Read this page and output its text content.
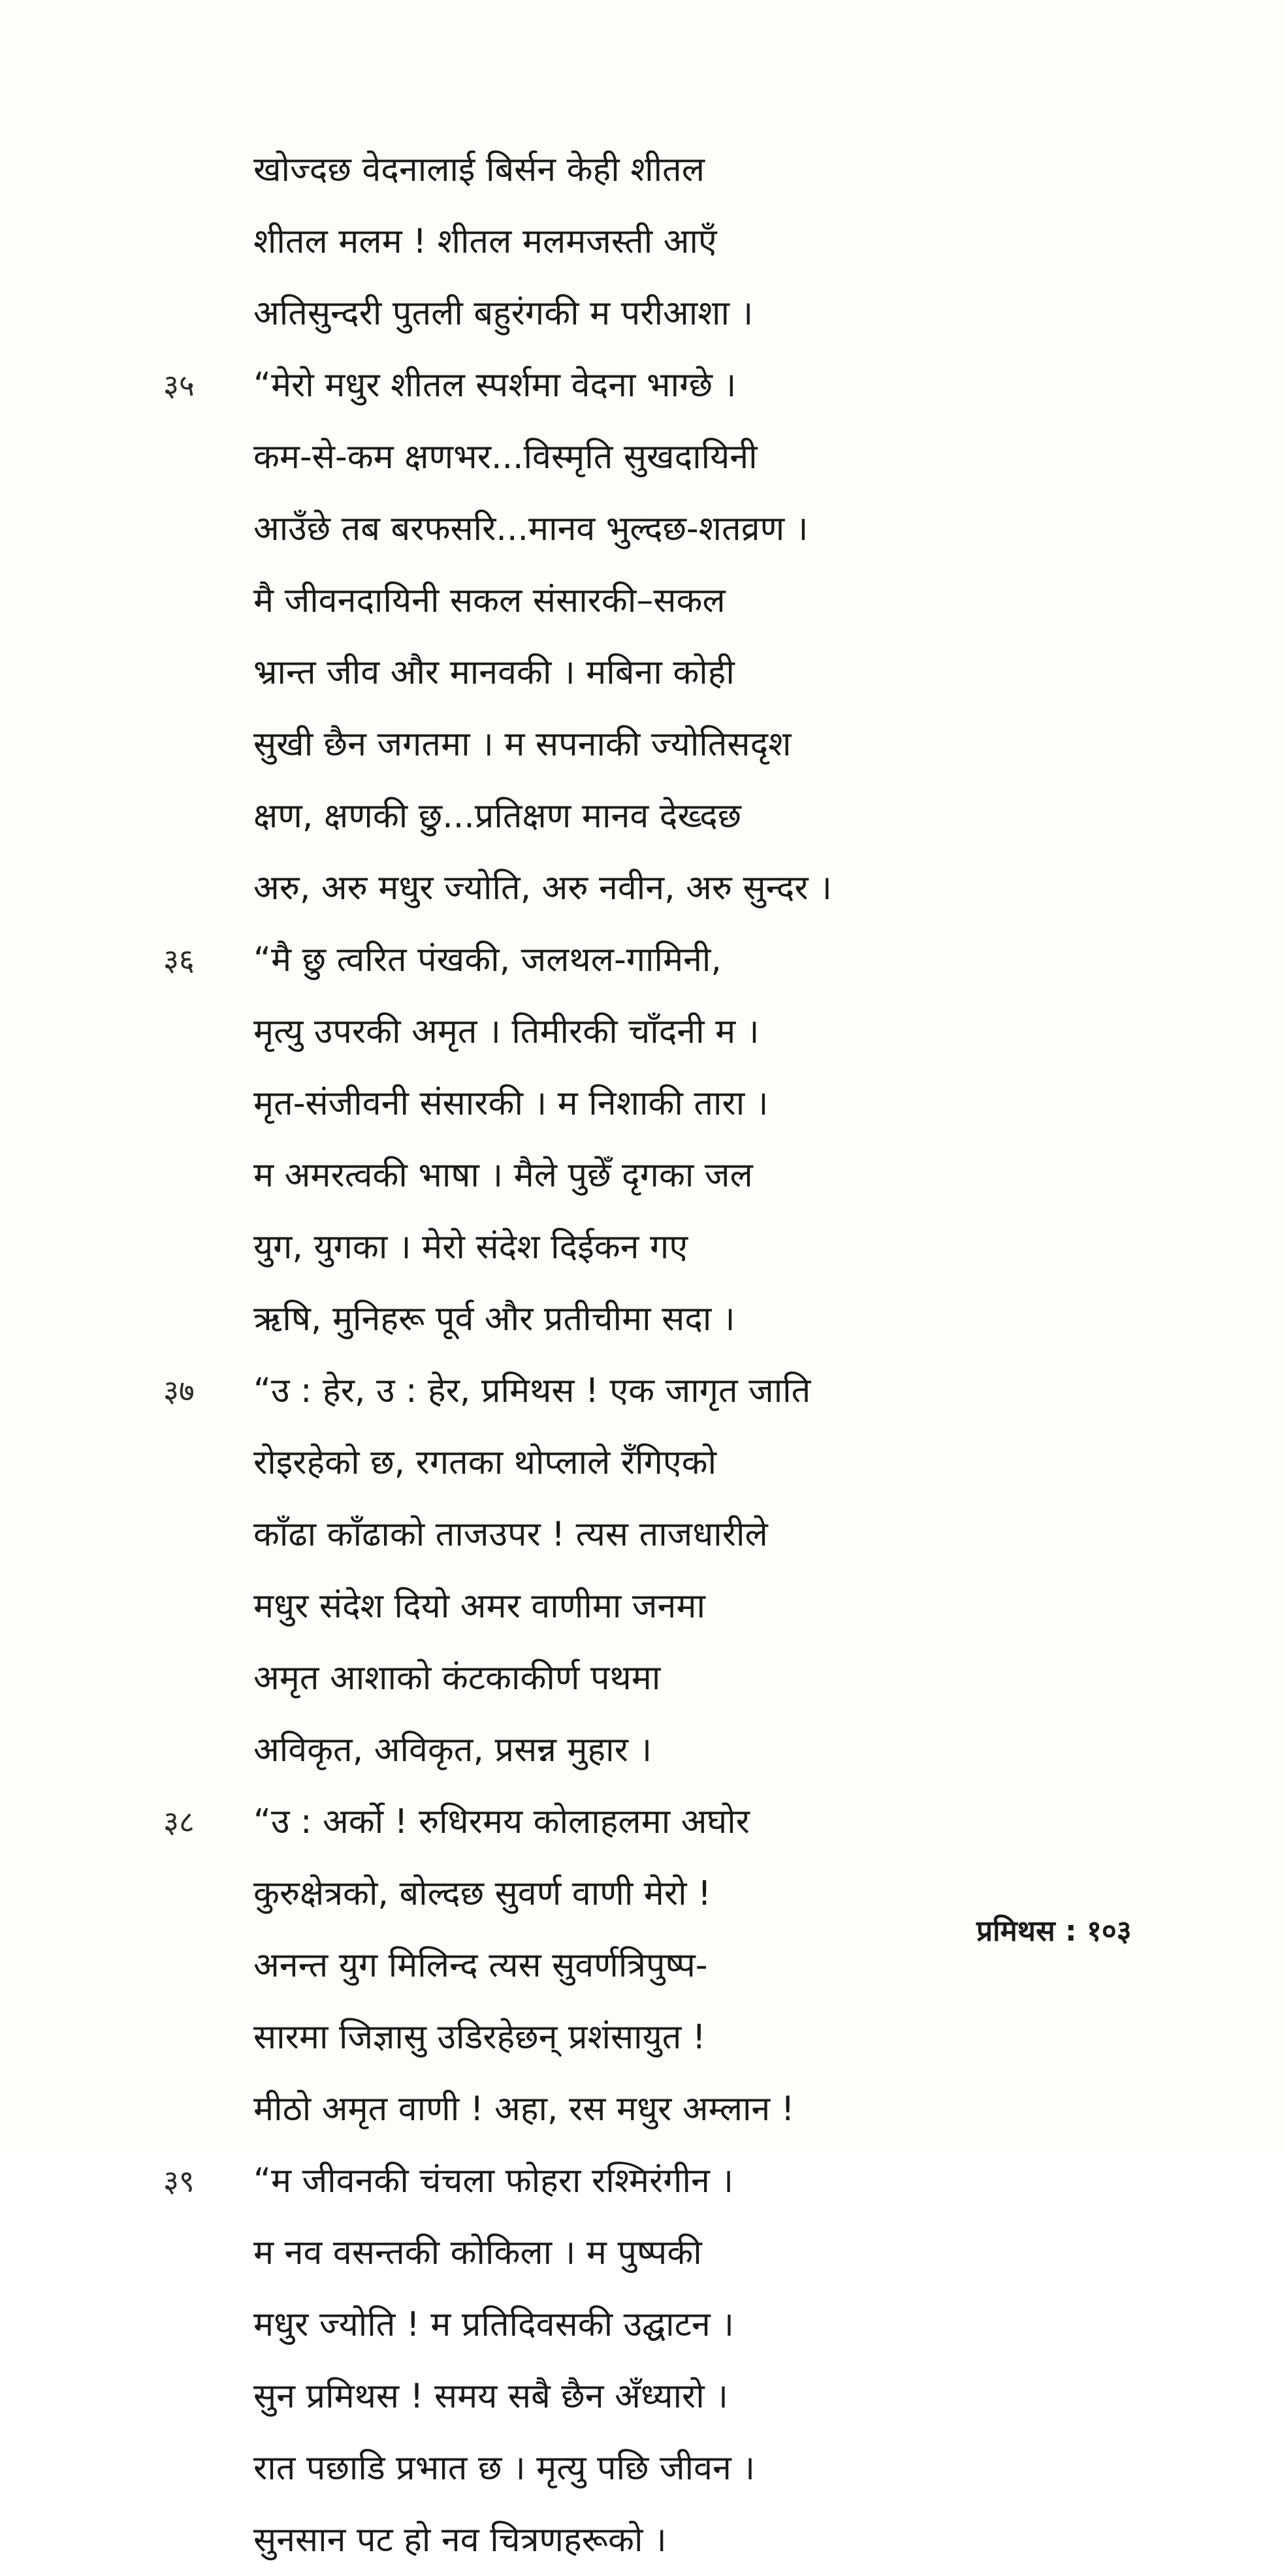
खोज्दछ वेदनालाई बिर्सन केही शीतल
शीतल मलम ! शीतल मलमजस्ती आएँ
अतिसुन्दरी पुतली बहुरंगकी म परीआशा ।
३५	“मेरो मधुर शीतल स्पर्शमा वेदना भाग्छे ।
कम-से-कम क्षणभर...विस्मृति सुखदायिनी
आउँछे तब बरफसरि...मानव भुल्दछ-शतव्रण ।
मै जीवनदायिनी सकल संसारकी–सकल
भ्रान्त जीव और मानवकी । मबिना कोही
सुखी छैन जगतमा । म सपनाकी ज्योतिसदृश
क्षण, क्षणकी छु...प्रतिक्षण मानव देख्दछ
अरु, अरु मधुर ज्योति, अरु नवीन, अरु सुन्दर ।
३६	“मै छु त्वरित पंखकी, जलथल-गामिनी,
मृत्यु उपरकी अमृत । तिमीरकी चाँदनी म ।
मृत-संजीवनी संसारकी । म निशाकी तारा ।
म अमरत्वकी भाषा । मैले पुछेँ दृगका जल
युग, युगका । मेरो संदेश दिईकन गए
ऋषि, मुनिहरू पूर्व और प्रतीचीमा सदा ।
३७	“उ : हेर, उ : हेर, प्रमिथस ! एक जागृत जाति
रोइरहेको छ, रगतका थोप्लाले रँगिएको
काँढा काँढाको ताजउपर ! त्यस ताजधारीले
मधुर संदेश दियो अमर वाणीमा जनमा
अमृत आशाको कंटकाकीर्ण पथमा
अविकृत, अविकृत, प्रसन्न मुहार ।
३८	“उ : अर्को ! रुधिरमय कोलाहलमा अघोर
कुरुक्षेत्रको, बोल्दछ सुवर्ण वाणी मेरो !
अनन्त युग मिलिन्द त्यस सुवर्णत्रिपुष्प-
सारमा जिज्ञासु उडिरहेछन् प्रशंसायुत !
मीठो अमृत वाणी ! अहा, रस मधुर अम्लान !
३९	“म जीवनकी चंचला फोहरा रश्मिरंगीन ।
म नव वसन्तकी कोकिला । म पुष्पकी
मधुर ज्योति ! म प्रतिदिवसकी उद्घाटन ।
सुन प्रमिथस ! समय सबै छैन अँध्यारो ।
रात पछाडि प्रभात छ । मृत्यु पछि जीवन ।
सुनसान पट हो नव चित्रणहरूको ।
प्रमिथस : १०३
